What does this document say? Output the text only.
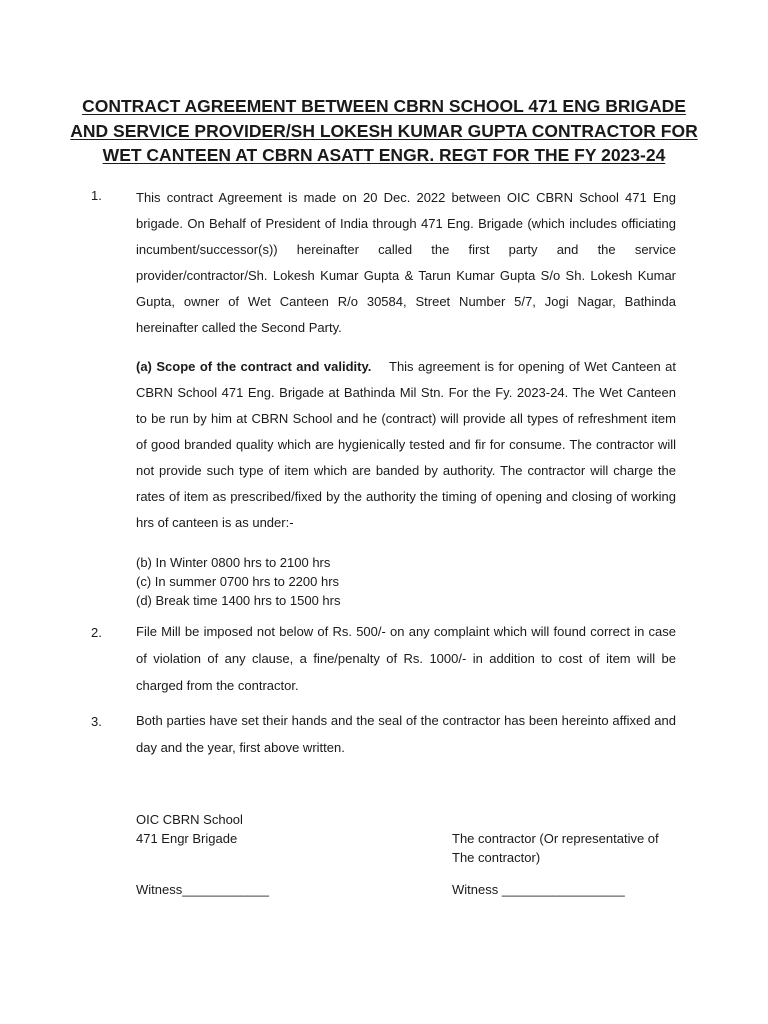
CONTRACT AGREEMENT BETWEEN CBRN SCHOOL 471 ENG BRIGADE
AND SERVICE PROVIDER/SH LOKESH KUMAR GUPTA CONTRACTOR FOR
WET CANTEEN AT CBRN ASATT ENGR. REGT FOR THE FY 2023-24
1.	This contract Agreement is made on 20 Dec. 2022 between OIC CBRN School 471 Eng brigade. On Behalf of President of India through 471 Eng. Brigade (which includes officiating incumbent/successor(s)) hereinafter called the first party and the service provider/contractor/Sh. Lokesh Kumar Gupta & Tarun Kumar Gupta S/o Sh. Lokesh Kumar Gupta, owner of Wet Canteen R/o 30584, Street Number 5/7, Jogi Nagar, Bathinda hereinafter called the Second Party.

(a) Scope of the contract and validity. This agreement is for opening of Wet Canteen at CBRN School 471 Eng. Brigade at Bathinda Mil Stn. For the Fy. 2023-24. The Wet Canteen to be run by him at CBRN School and he (contract) will provide all types of refreshment item of good branded quality which are hygienically tested and fir for consume. The contractor will not provide such type of item which are banded by authority. The contractor will charge the rates of item as prescribed/fixed by the authority the timing of opening and closing of working hrs of canteen is as under:-

(b) In Winter 0800 hrs to 2100 hrs
(c) In summer 0700 hrs to 2200 hrs
(d) Break time 1400 hrs to 1500 hrs
2.	File Mill be imposed not below of Rs. 500/- on any complaint which will found correct in case of violation of any clause, a fine/penalty of Rs. 1000/- in addition to cost of item will be charged from the contractor.

3.	Both parties have set their hands and the seal of the contractor has been hereinto affixed and day and the year, first above written.

OIC CBRN School
471 Engr Brigade	The contractor (Or representative of
The contractor)
Witness____________	Witness _________________
